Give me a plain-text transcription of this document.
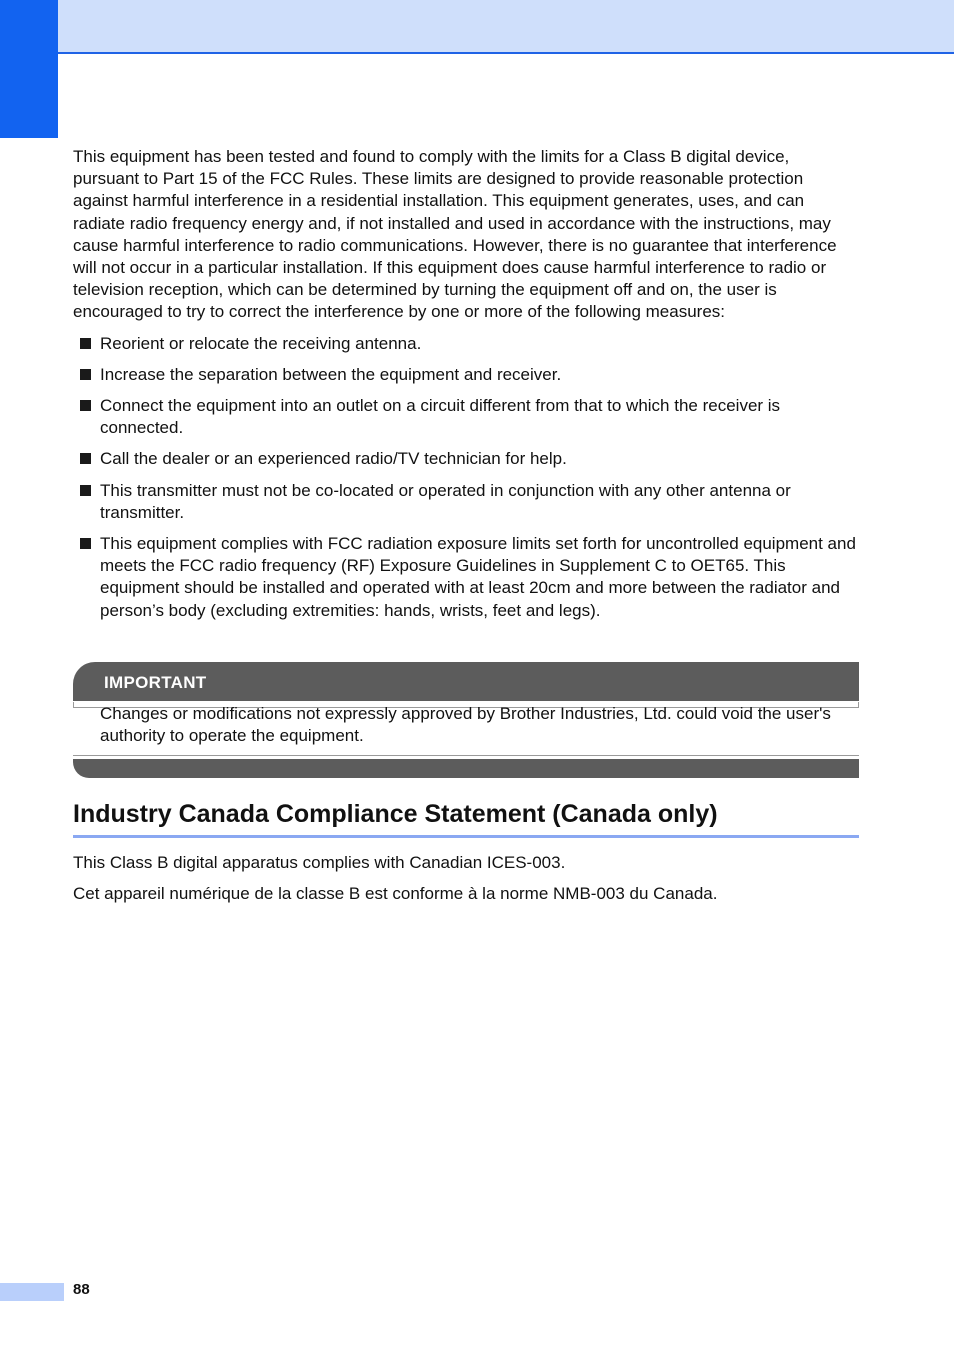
This equipment has been tested and found to comply with the limits for a Class B digital device, pursuant to Part 15 of the FCC Rules. These limits are designed to provide reasonable protection against harmful interference in a residential installation. This equipment generates, uses, and can radiate radio frequency energy and, if not installed and used in accordance with the instructions, may cause harmful interference to radio communications. However, there is no guarantee that interference will not occur in a particular installation. If this equipment does cause harmful interference to radio or television reception, which can be determined by turning the equipment off and on, the user is encouraged to try to correct the interference by one or more of the following measures:

Reorient or relocate the receiving antenna.
Increase the separation between the equipment and receiver.
Connect the equipment into an outlet on a circuit different from that to which the receiver is connected.
Call the dealer or an experienced radio/TV technician for help.
This transmitter must not be co-located or operated in conjunction with any other antenna or transmitter.
This equipment complies with FCC radiation exposure limits set forth for uncontrolled equipment and meets the FCC radio frequency (RF) Exposure Guidelines in Supplement C to OET65. This equipment should be installed and operated with at least 20cm and more between the radiator and person’s body (excluding extremities: hands, wrists, feet and legs).
IMPORTANT

Changes or modifications not expressly approved by Brother Industries, Ltd. could void the user's authority to operate the equipment.

Industry Canada Compliance Statement (Canada only)

This Class B digital apparatus complies with Canadian ICES-003.

Cet appareil numérique de la classe B est conforme à la norme NMB-003 du Canada.

88
